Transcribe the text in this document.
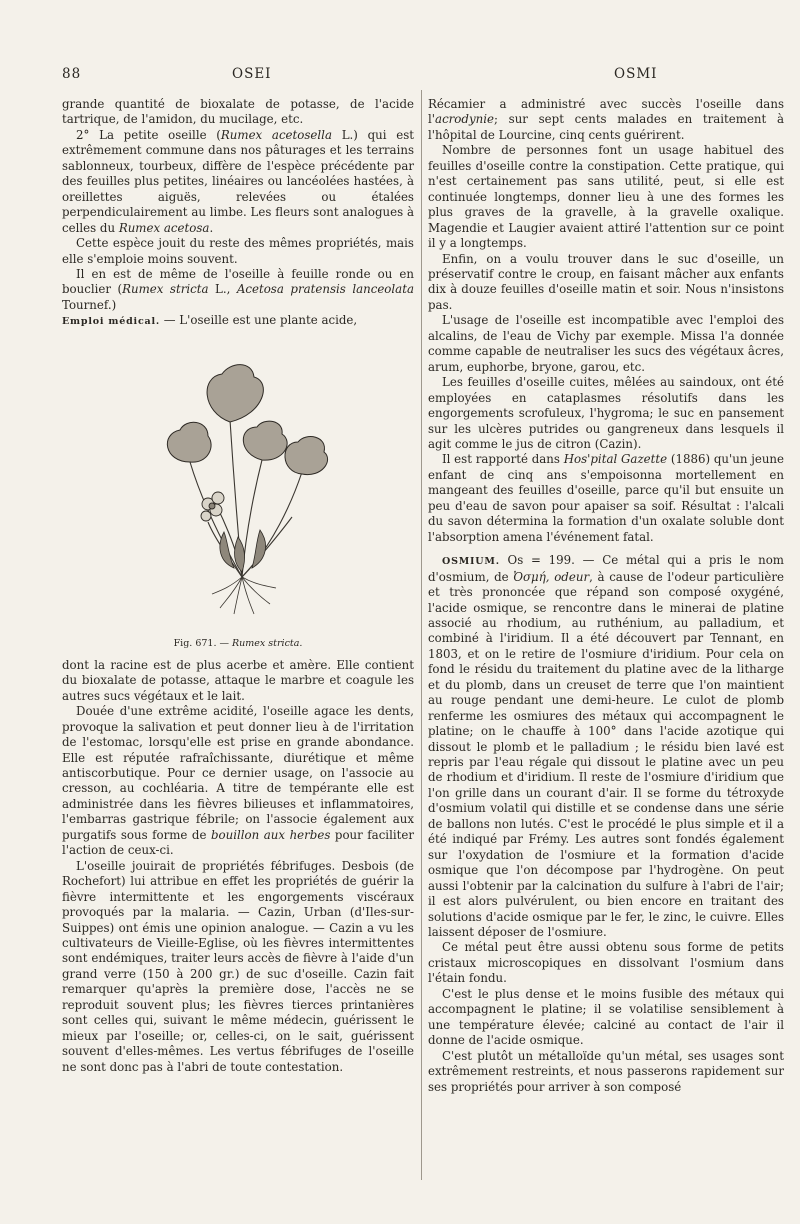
88	OSEI	OSMI

grande quantité de bioxalate de potasse, de l'acide tartrique, de l'amidon, du mucilage, etc.

2° La petite oseille (Rumex acetosella L.) qui est extrêmement commune dans nos pâturages et les terrains sablonneux, tourbeux, diffère de l'espèce précédente par des feuilles plus petites, linéaires ou lancéolées hastées, à oreillettes aiguës, relevées ou étalées perpendiculairement au limbe. Les fleurs sont analogues à celles du Rumex acetosa.

Cette espèce jouit du reste des mêmes propriétés, mais elle s'emploie moins souvent.

Il en est de même de l'oseille à feuille ronde ou en bouclier (Rumex stricta L., Acetosa pratensis lanceolata Tournef.)

Emploi médical. — L'oseille est une plante acide,

Fig. 671. — Rumex stricta.

dont la racine est de plus acerbe et amère. Elle contient du bioxalate de potasse, attaque le marbre et coagule les autres sucs végétaux et le lait.

Douée d'une extrême acidité, l'oseille agace les dents, provoque la salivation et peut donner lieu à de l'irritation de l'estomac, lorsqu'elle est prise en grande abondance. Elle est réputée rafraîchissante, diurétique et même antiscorbutique. Pour ce dernier usage, on l'associe au cresson, au cochléaria. A titre de tempérante elle est administrée dans les fièvres bilieuses et inflammatoires, l'embarras gastrique fébrile; on l'associe également aux purgatifs sous forme de bouillon aux herbes pour faciliter l'action de ceux-ci.

L'oseille jouirait de propriétés fébrifuges. Desbois (de Rochefort) lui attribue en effet les propriétés de guérir la fièvre intermittente et les engorgements viscéraux provoqués par la malaria. — Cazin, Urban (d'Iles-sur-Suippes) ont émis une opinion analogue. — Cazin a vu les cultivateurs de Vieille-Eglise, où les fièvres intermittentes sont endémiques, traiter leurs accès de fièvre à l'aide d'un grand verre (150 à 200 gr.) de suc d'oseille. Cazin fait remarquer qu'après la première dose, l'accès ne se reproduit souvent plus; les fièvres tierces printanières sont celles qui, suivant le même médecin, guérissent le mieux par l'oseille; or, celles-ci, on le sait, guérissent souvent d'elles-mêmes. Les vertus fébrifuges de l'oseille ne sont donc pas à l'abri de toute contestation.

Récamier a administré avec succès l'oseille dans l'acrodynie; sur sept cents malades en traitement à l'hôpital de Lourcine, cinq cents guérirent.

Nombre de personnes font un usage habituel des feuilles d'oseille contre la constipation. Cette pratique, qui n'est certainement pas sans utilité, peut, si elle est continuée longtemps, donner lieu à une des formes les plus graves de la gravelle, à la gravelle oxalique. Magendie et Laugier avaient attiré l'attention sur ce point il y a longtemps.

Enfin, on a voulu trouver dans le suc d'oseille, un préservatif contre le croup, en faisant mâcher aux enfants dix à douze feuilles d'oseille matin et soir. Nous n'insistons pas.

L'usage de l'oseille est incompatible avec l'emploi des alcalins, de l'eau de Vichy par exemple. Missa l'a donnée comme capable de neutraliser les sucs des végétaux âcres, arum, euphorbe, bryone, garou, etc.

Les feuilles d'oseille cuites, mêlées au saindoux, ont été employées en cataplasmes résolutifs dans les engorgements scrofuleux, l'hygroma; le suc en pansement sur les ulcères putrides ou gangreneux dans lesquels il agit comme le jus de citron (Cazin).

Il est rapporté dans Hos'pital Gazette (1886) qu'un jeune enfant de cinq ans s'empoisonna mortellement en mangeant des feuilles d'oseille, parce qu'il but ensuite un peu d'eau de savon pour apaiser sa soif. Résultat : l'alcali du savon détermina la formation d'un oxalate soluble dont l'absorption amena l'événement fatal.

OSMIUM. Os = 199. — Ce métal qui a pris le nom d'osmium, de Ὀσμή, odeur, à cause de l'odeur particulière et très prononcée que répand son composé oxygéné, l'acide osmique, se rencontre dans le minerai de platine associé au rhodium, au ruthénium, au palladium, et combiné à l'iridium. Il a été découvert par Tennant, en 1803, et on le retire de l'osmiure d'iridium. Pour cela on fond le résidu du traitement du platine avec de la litharge et du plomb, dans un creuset de terre que l'on maintient au rouge pendant une demi-heure. Le culot de plomb renferme les osmiures des métaux qui accompagnent le platine; on le chauffe à 100° dans l'acide azotique qui dissout le plomb et le palladium ; le résidu bien lavé est repris par l'eau régale qui dissout le platine avec un peu de rhodium et d'iridium. Il reste de l'osmiure d'iridium que l'on grille dans un courant d'air. Il se forme du tétroxyde d'osmium volatil qui distille et se condense dans une série de ballons non lutés. C'est le procédé le plus simple et il a été indiqué par Frémy. Les autres sont fondés également sur l'oxydation de l'osmiure et la formation d'acide osmique que l'on décompose par l'hydrogène. On peut aussi l'obtenir par la calcination du sulfure à l'abri de l'air; il est alors pulvérulent, ou bien encore en traitant des solutions d'acide osmique par le fer, le zinc, le cuivre. Elles laissent déposer de l'osmiure.

Ce métal peut être aussi obtenu sous forme de petits cristaux microscopiques en dissolvant l'osmium dans l'étain fondu.

C'est le plus dense et le moins fusible des métaux qui accompagnent le platine; il se volatilise sensiblement à une température élevée; calciné au contact de l'air il donne de l'acide osmique.

C'est plutôt un métalloïde qu'un métal, ses usages sont extrêmement restreints, et nous passerons rapidement sur ses propriétés pour arriver à son composé
